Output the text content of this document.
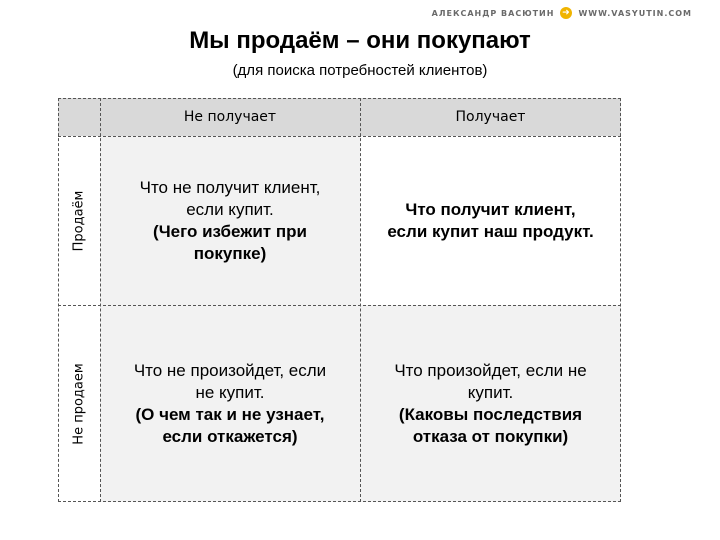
АЛЕКСАНДР ВАСЮТИН ➜ WWW.VASYUTIN.COM
Мы продаём – они покупают
(для поиска потребностей клиентов)
Не получает	Получает
Продаём
Не продаем
Что не получит клиент,
если купит.
(Чего избежит при
покупке)
Что получит клиент,
если купит наш продукт.
Что не произойдет, если
не купит.
(О чем так и не узнает,
если откажется)
Что произойдет, если не
купит.
(Каковы последствия
отказа от покупки)
